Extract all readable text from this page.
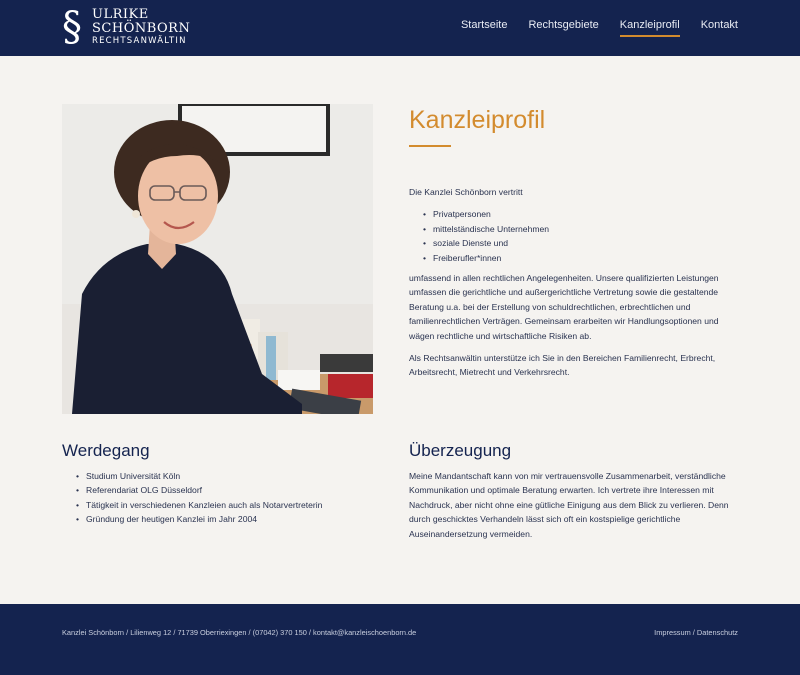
§ ULRIKE
SCHÖNBORN
RECHTSANWÄLTIN
Startseite Rechtsgebiete Kanzleiprofil Kontakt
Kanzleiprofil

Die Kanzlei Schönborn vertritt

• Privatpersonen
• mittelständische Unternehmen
• soziale Dienste und
• Freiberufler*innen

umfassend in allen rechtlichen Angelegenheiten. Unsere qualifizierten Leistungen umfassen die gerichtliche und außergerichtliche Vertretung sowie die gestaltende Beratung u.a. bei der Erstellung von schuldrechtlichen, erbrechtlichen und familienrechtlichen Verträgen. Gemeinsam erarbeiten wir Handlungsoptionen und wägen rechtliche und wirtschaftliche Risiken ab.

Als Rechtsanwältin unterstütze ich Sie in den Bereichen Familienrecht, Erbrecht, Arbeitsrecht, Mietrecht und Verkehrsrecht.

Werdegang
• Studium Universität Köln
• Referendariat OLG Düsseldorf
• Tätigkeit in verschiedenen Kanzleien auch als Notarvertreterin
• Gründung der heutigen Kanzlei im Jahr 2004
Überzeugung

Meine Mandantschaft kann von mir vertrauensvolle Zusammenarbeit, verständliche Kommunikation und optimale Beratung erwarten. Ich vertrete ihre Interessen mit Nachdruck, aber nicht ohne eine gütliche Einigung aus dem Blick zu verlieren. Denn durch geschicktes Verhandeln lässt sich oft ein kostspielige gerichtliche Auseinandersetzung vermeiden.

Kanzlei Schönborn / Lilienweg 12 / 71739 Oberriexingen / (07042) 370 150 / kontakt@kanzleischoenborn.de	Impressum / Datenschutz
